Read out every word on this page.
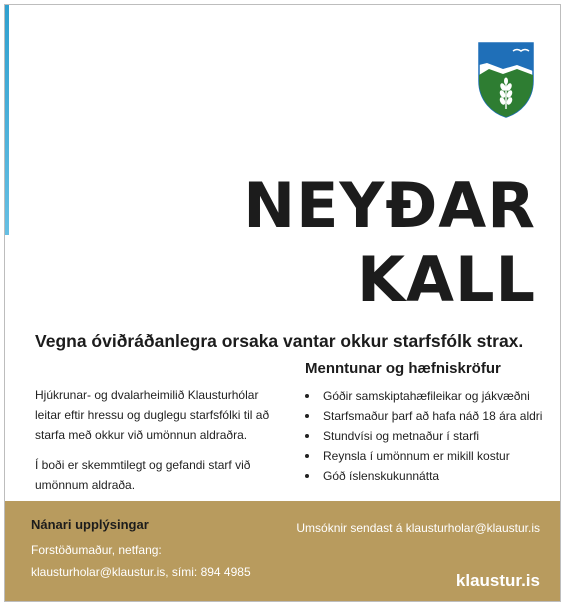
NEYÐAR
KALL
Vegna óviðráðanlegra orsaka vantar okkur starfsfólk strax.
Menntunar og hæfniskröfur

Hjúkrunar- og dvalarheimilið Klausturhólar leitar eftir hressu og duglegu starfsfólki til að starfa með okkur við umönnun aldraðra.

Í boði er skemmtilegt og gefandi starf við umönnum aldraða.

Góðir samskiptahæfileikar og jákvæðni
Starfsmaður þarf að hafa náð 18 ára aldri
Stundvísi og metnaður í starfi
Reynsla í umönnum er mikill kostur
Góð íslenskukunnátta
Nánari upplýsingar
Forstöðumaður, netfang:
klausturholar@klaustur.is, sími: 894 4985
Umsóknir sendast á klausturholar@klaustur.is
klaustur.is
